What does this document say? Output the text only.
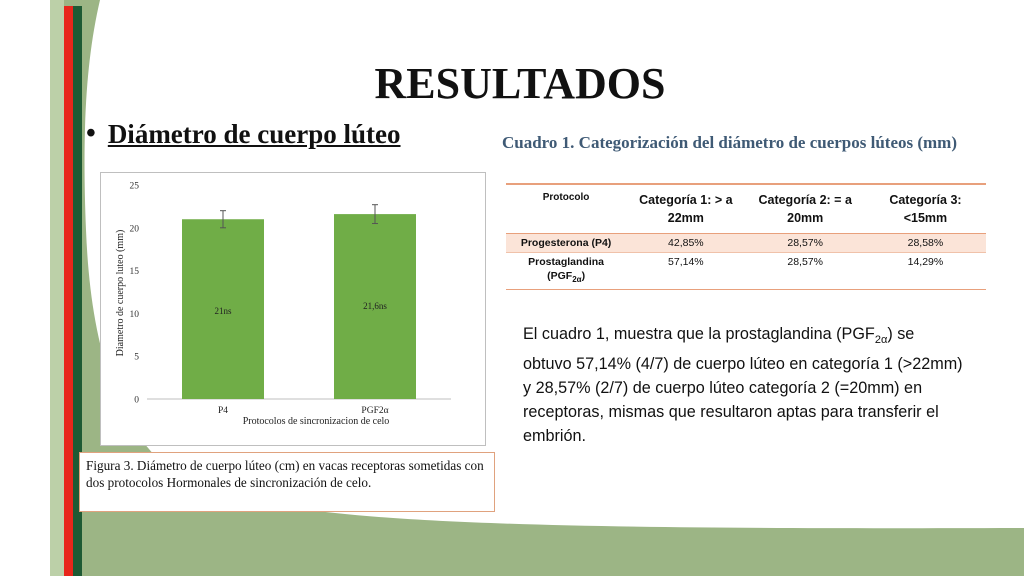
RESULTADOS
• Diámetro de cuerpo lúteo
0
5
10
15
20
25
21ns
P4
21,6ns
PGF2α
Diametro de cuerpo luteo (mm)
Protocolos de sincronizacion de celo
Figura 3. Diámetro de cuerpo lúteo (cm) en vacas receptoras sometidas con dos protocolos Hormonales de sincronización de celo.
Cuadro 1. Categorización del diámetro de cuerpos lúteos (mm)
Protocolo	Categoría 1: > a 22mm	Categoría 2: = a 20mm	Categoría 3: <15mm
Progesterona (P4)	42,85%	28,57%	28,58%
Prostaglandina
$(PGF_{2\alpha})$	57,14%	28,57%	14,29%
El cuadro 1, muestra que la prostaglandina $(PGF_{2\alpha})$ se obtuvo 57,14% (4/7) de cuerpo lúteo en categoría 1 (>22mm) y 28,57% (2/7) de cuerpo lúteo categoría 2 (=20mm) en receptoras, mismas que resultaron aptas para transferir el embrión.
